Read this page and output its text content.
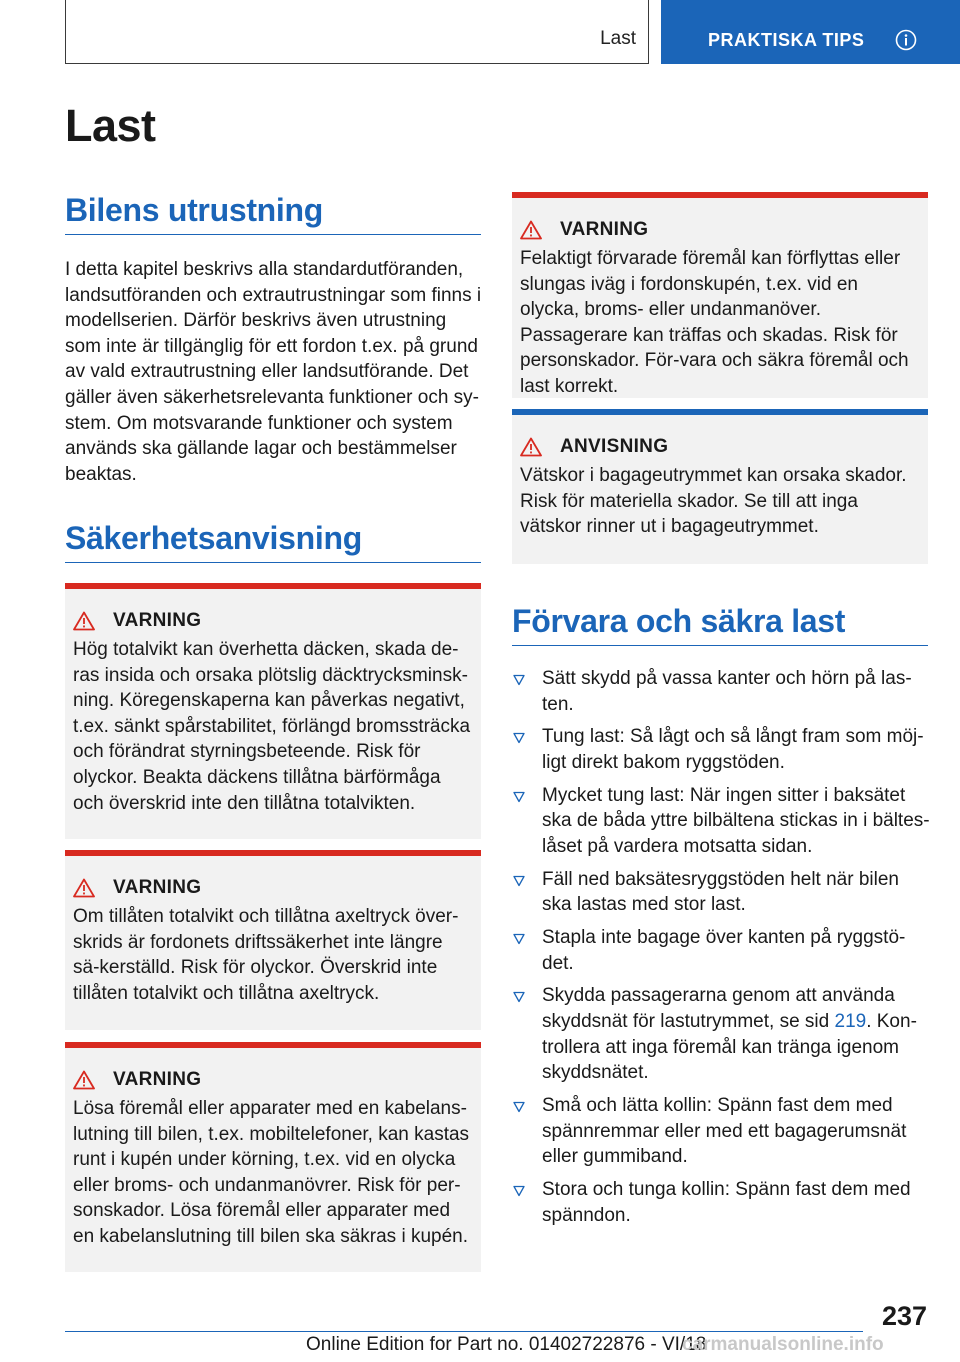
Last	PRAKTISKA TIPS
Last
Bilens utrustning

I detta kapitel beskrivs alla standardutföranden, landsutföranden och extrautrustningar som finns i modellserien. Därför beskrivs även utrustning som inte är tillgänglig för ett fordon t.ex. på grund av vald extrautrustning eller landsutförande. Det gäller även säkerhetsrelevanta funktioner och sy‐stem. Om motsvarande funktioner och system används ska gällande lagar och bestämmelser beaktas.

Säkerhetsanvisning
VARNING

Hög totalvikt kan överhetta däcken, skada de‐ras insida och orsaka plötslig däcktrycksminsk‐ning. Köregenskaperna kan påverkas negativt, t.ex. sänkt spårstabilitet, förlängd bromssträcka och förändrat styrningsbeteende. Risk för olyckor. Beakta däckens tillåtna bärförmåga och överskrid inte den tillåtna totalvikten.

VARNING

Om tillåten totalvikt och tillåtna axeltryck över‐skrids är fordonets driftssäkerhet inte längre sä‐kerställd. Risk för olyckor. Överskrid inte tillåten totalvikt och tillåtna axeltryck.

VARNING

Lösa föremål eller apparater med en kabelans‐lutning till bilen, t.ex. mobiltelefoner, kan kastas runt i kupén under körning, t.ex. vid en olycka eller broms- och undanmanövrer. Risk för per‐sonskador. Lösa föremål eller apparater med en kabelanslutning till bilen ska säkras i kupén.

VARNING

Felaktigt förvarade föremål kan förflyttas eller slungas iväg i fordonskupén, t.ex. vid en olycka, broms- eller undanmanöver. Passagerare kan träffas och skadas. Risk för personskador. För‐vara och säkra föremål och last korrekt.

ANVISNING

Vätskor i bagageutrymmet kan orsaka skador. Risk för materiella skador. Se till att inga vätskor rinner ut i bagageutrymmet.

Förvara och säkra last
Sätt skydd på vassa kanter och hörn på las‐ten.
Tung last: Så lågt och så långt fram som möj‐ligt direkt bakom ryggstöden.
Mycket tung last: När ingen sitter i baksätet ska de båda yttre bilbältena stickas in i bältes‐låset på vardera motsatta sidan.
Fäll ned baksätesryggstöden helt när bilen ska lastas med stor last.
Stapla inte bagage över kanten på ryggstö‐det.
Skydda passagerarna genom att använda skyddsnät för lastutrymmet, se sid 219. Kon‐trollera att inga föremål kan tränga igenom skyddsnätet.
Små och lätta kollin: Spänn fast dem med spännremmar eller med ett bagagerumsnät eller gummiband.
Stora och tunga kollin: Spänn fast dem med spänndon.
237
Online Edition for Part no. 01402722876 - VI/18
carmanualsonline.info
